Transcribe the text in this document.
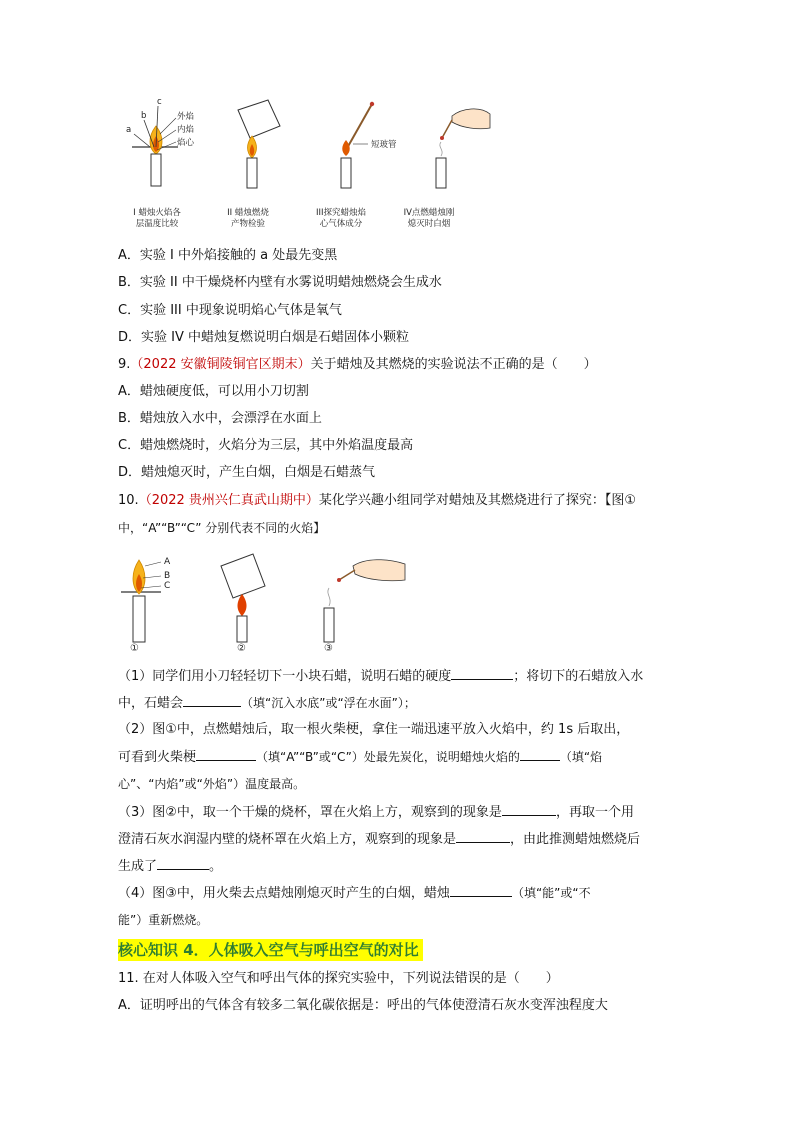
c
b
a
外焰
内焰
焰心	短玻管
I 蜡烛火焰各
层温度比较
II 蜡烛燃烧
产物检验
III探究蜡烛焰
心气体成分
IV点燃蜡烛刚
熄灭时白烟
A．实验 I 中外焰接触的 a 处最先变黑
B．实验 II 中干燥烧杯内壁有水雾说明蜡烛燃烧会生成水
C．实验 III 中现象说明焰心气体是氧气
D．实验 IV 中蜡烛复燃说明白烟是石蜡固体小颗粒
9.（2022 安徽铜陵铜官区期末）关于蜡烛及其燃烧的实验说法不正确的是（　　）
A．蜡烛硬度低，可以用小刀切割
B．蜡烛放入水中，会漂浮在水面上
C．蜡烛燃烧时，火焰分为三层，其中外焰温度最高
D．蜡烛熄灭时，产生白烟，白烟是石蜡蒸气
10.（2022 贵州兴仁真武山期中）某化学兴趣小组同学对蜡烛及其燃烧进行了探究：【图①
中，“A”“B”“C” 分别代表不同的火焰】
A
B
C
①	②	③
（1）同学们用小刀轻轻切下一小块石蜡，说明石蜡的硬度	；将切下的石蜡放入水
中，石蜡会	（填“沉入水底”或“浮在水面”）；
（2）图①中，点燃蜡烛后，取一根火柴梗，拿住一端迅速平放入火焰中，约 1s 后取出，
可看到火柴梗	（填“A”“B”或“C”）处最先炭化，说明蜡烛火焰的	（填“焰
心”、“内焰”或“外焰”）温度最高。
（3）图②中，取一个干燥的烧杯，罩在火焰上方，观察到的现象是	，再取一个用
澄清石灰水润湿内壁的烧杯罩在火焰上方，观察到的现象是	，由此推测蜡烛燃烧后
生成了	。
（4）图③中，用火柴去点蜡烛刚熄灭时产生的白烟，蜡烛	（填“能”或“不
能”）重新燃烧。
核心知识 4．人体吸入空气与呼出空气的对比
11. 在对人体吸入空气和呼出气体的探究实验中，下列说法错误的是（　　）
A．证明呼出的气体含有较多二氧化碳依据是：呼出的气体使澄清石灰水变浑浊程度大
